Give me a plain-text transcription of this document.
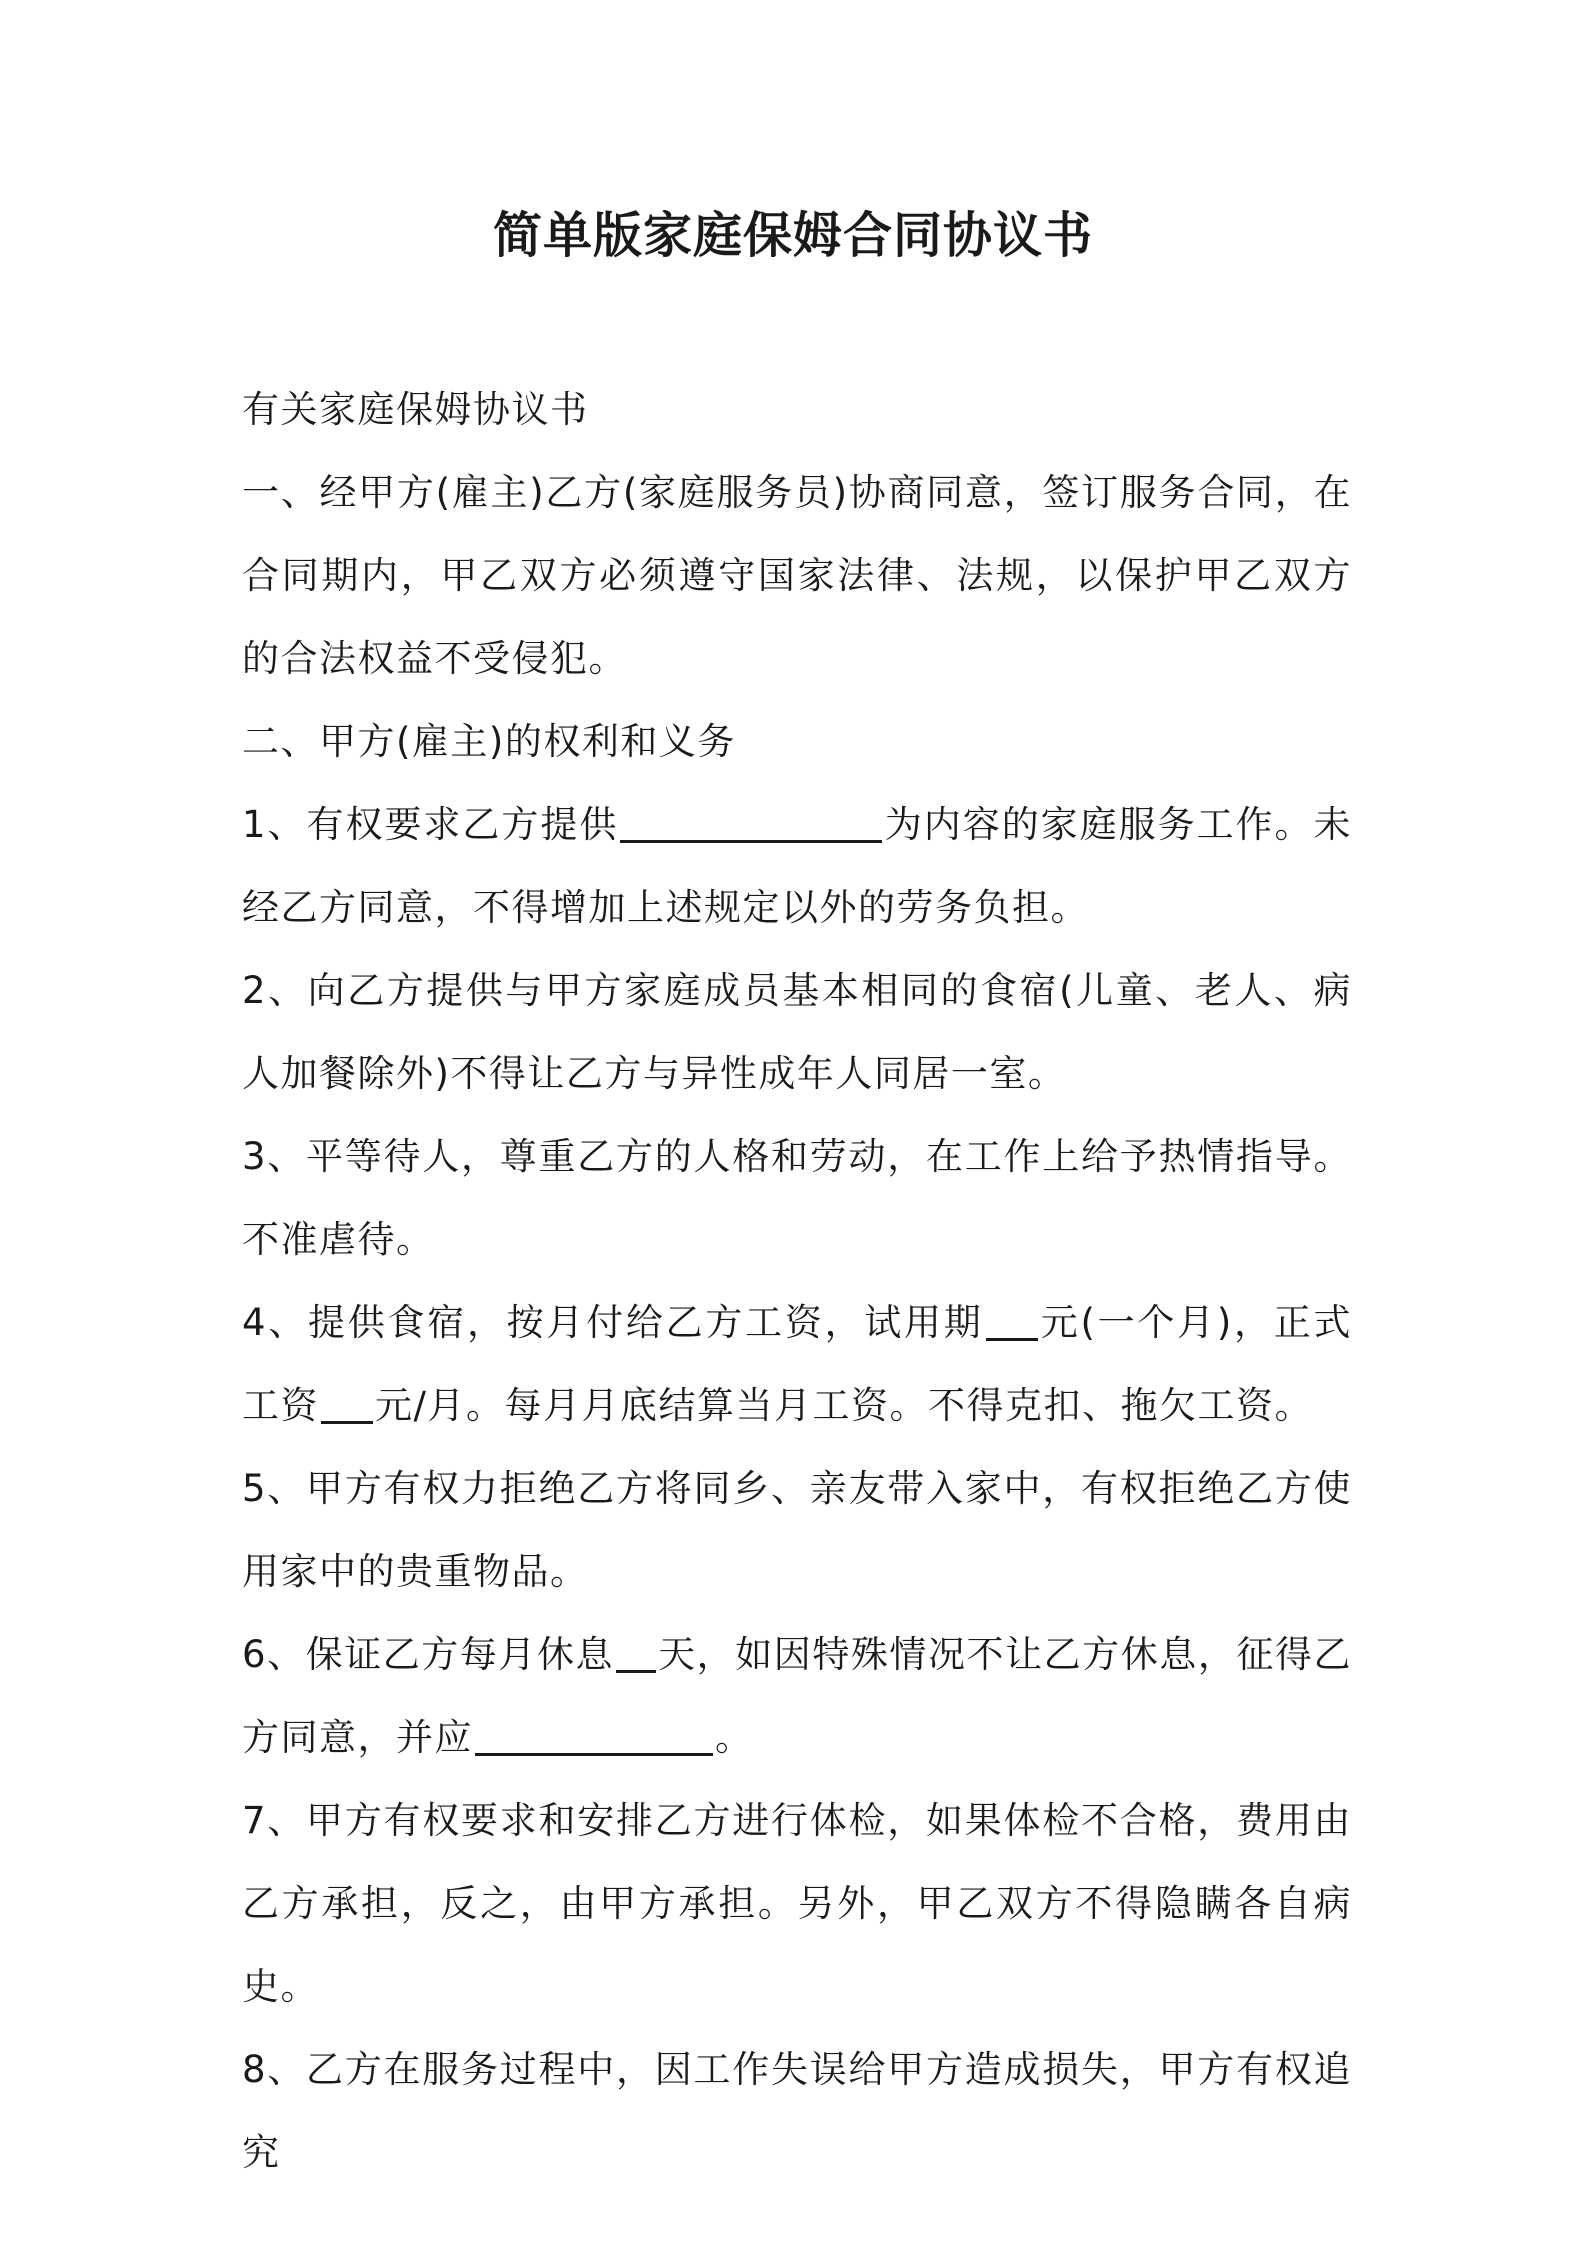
简单版家庭保姆合同协议书

有关家庭保姆协议书

一、经甲方(雇主)乙方(家庭服务员)协商同意，签订服务合同，在合同期内，甲乙双方必须遵守国家法律、法规，以保护甲乙双方的合法权益不受侵犯。

二、甲方(雇主)的权利和义务

1、有权要求乙方提供	为内容的家庭服务工作。未经乙方同意，不得增加上述规定以外的劳务负担。

2、向乙方提供与甲方家庭成员基本相同的食宿(儿童、老人、病人加餐除外)不得让乙方与异性成年人同居一室。

3、平等待人，尊重乙方的人格和劳动，在工作上给予热情指导。不准虐待。

4、提供食宿，按月付给乙方工资，试用期 元(一个月)，正式工资 元/月。每月月底结算当月工资。不得克扣、拖欠工资。

5、甲方有权力拒绝乙方将同乡、亲友带入家中，有权拒绝乙方使用家中的贵重物品。

6、保证乙方每月休息 天，如因特殊情况不让乙方休息，征得乙方同意，并应	。

7、甲方有权要求和安排乙方进行体检，如果体检不合格，费用由乙方承担，反之，由甲方承担。另外，甲乙双方不得隐瞒各自病史。

8、乙方在服务过程中，因工作失误给甲方造成损失，甲方有权追究
